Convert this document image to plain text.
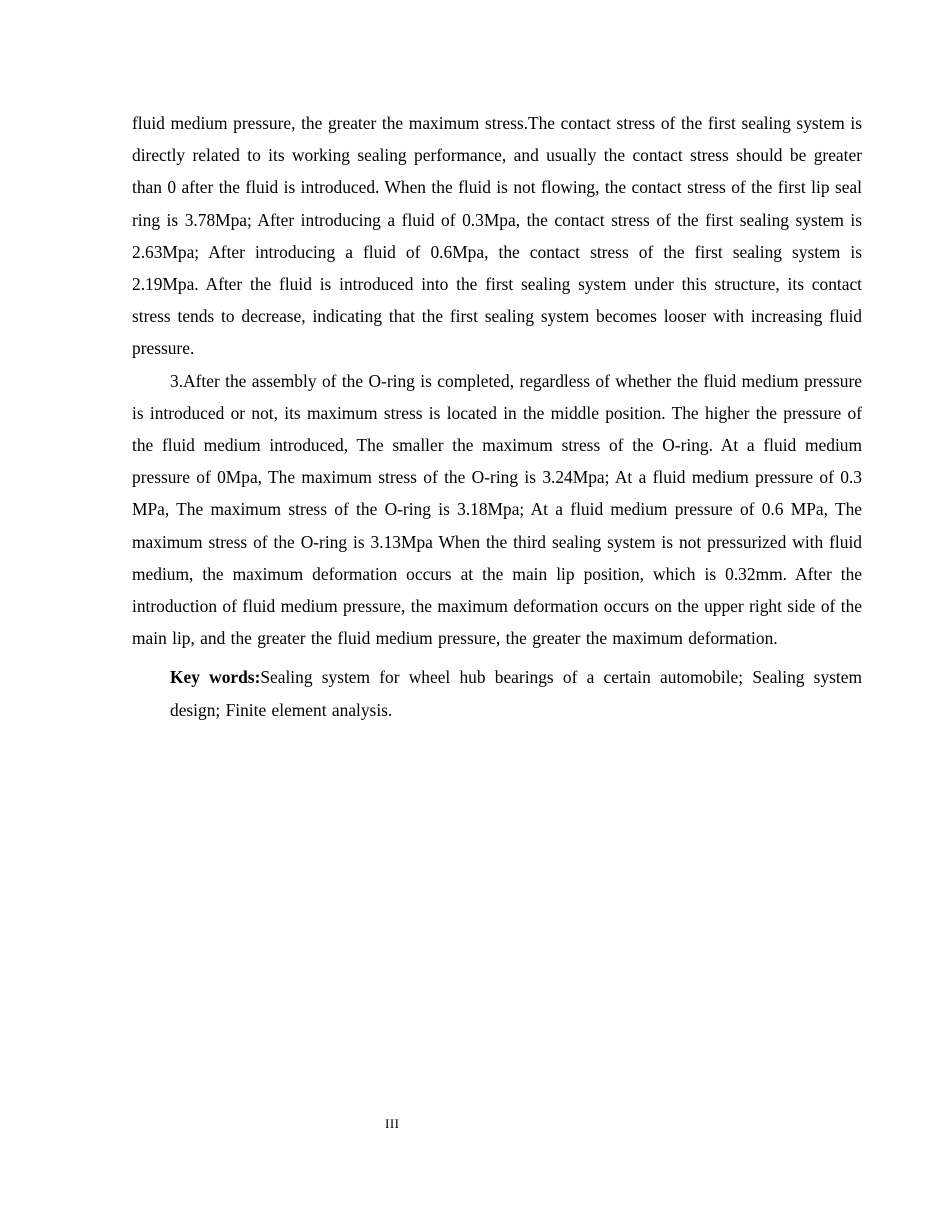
fluid medium pressure, the greater the maximum stress.The contact stress of the first sealing system is directly related to its working sealing performance, and usually the contact stress should be greater than 0 after the fluid is introduced. When the fluid is not flowing, the contact stress of the first lip seal ring is 3.78Mpa; After introducing a fluid of 0.3Mpa, the contact stress of the first sealing system is 2.63Mpa; After introducing a fluid of 0.6Mpa, the contact stress of the first sealing system is 2.19Mpa. After the fluid is introduced into the first sealing system under this structure, its contact stress tends to decrease, indicating that the first sealing system becomes looser with increasing fluid pressure.

3.After the assembly of the O-ring is completed, regardless of whether the fluid medium pressure is introduced or not, its maximum stress is located in the middle position. The higher the pressure of the fluid medium introduced, The smaller the maximum stress of the O-ring. At a fluid medium pressure of 0Mpa, The maximum stress of the O-ring is 3.24Mpa; At a fluid medium pressure of 0.3 MPa, The maximum stress of the O-ring is 3.18Mpa; At a fluid medium pressure of 0.6 MPa, The maximum stress of the O-ring is 3.13Mpa When the third sealing system is not pressurized with fluid medium, the maximum deformation occurs at the main lip position, which is 0.32mm. After the introduction of fluid medium pressure, the maximum deformation occurs on the upper right side of the main lip, and the greater the fluid medium pressure, the greater the maximum deformation.

Key words:Sealing system for wheel hub bearings of a certain automobile; Sealing system design; Finite element analysis.

III
